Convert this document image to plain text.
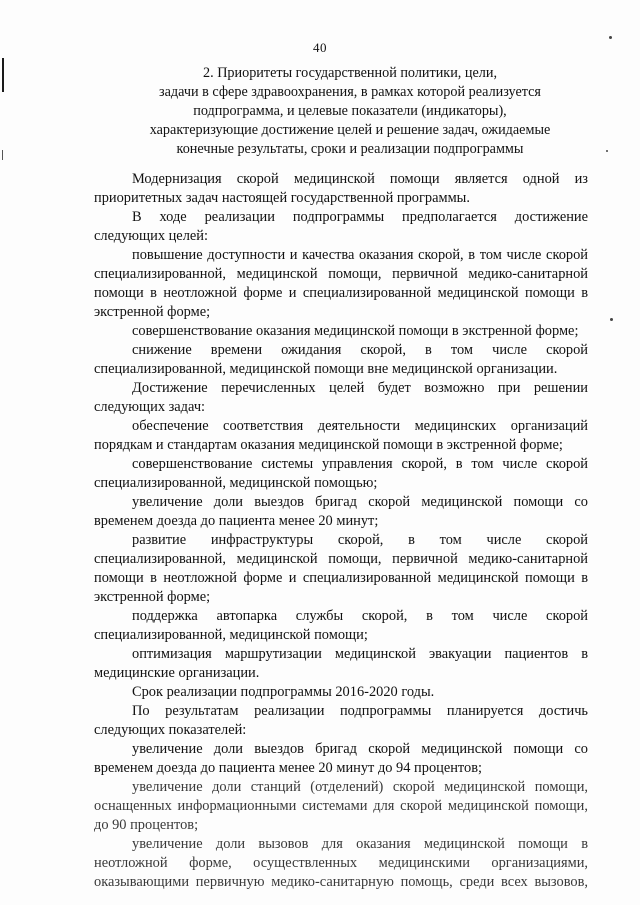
40
2. Приоритеты государственной политики, цели,
задачи в сфере здравоохранения, в рамках которой реализуется
подпрограмма, и целевые показатели (индикаторы),
характеризующие достижение целей и решение задач, ожидаемые
конечные результаты, сроки и реализации подпрограммы

Модернизация скорой медицинской помощи является одной из приоритетных задач настоящей государственной программы.

В ходе реализации подпрограммы предполагается достижение следующих целей:

повышение доступности и качества оказания скорой, в том числе скорой специализированной, медицинской помощи, первичной медико-санитарной помощи в неотложной форме и специализированной медицинской помощи в экстренной форме;

совершенствование оказания медицинской помощи в экстренной форме;

снижение времени ожидания скорой, в том числе скорой специализированной, медицинской помощи вне медицинской организации.

Достижение перечисленных целей будет возможно при решении следующих задач:

обеспечение соответствия деятельности медицинских организаций порядкам и стандартам оказания медицинской помощи в экстренной форме;

совершенствование системы управления скорой, в том числе скорой специализированной, медицинской помощью;

увеличение доли выездов бригад скорой медицинской помощи со временем доезда до пациента менее 20 минут;

развитие инфраструктуры скорой, в том числе скорой специализированной, медицинской помощи, первичной медико-санитарной помощи в неотложной форме и специализированной медицинской помощи в экстренной форме;

поддержка автопарка службы скорой, в том числе скорой специализированной, медицинской помощи;

оптимизация маршрутизации медицинской эвакуации пациентов в медицинские организации.

Срок реализации подпрограммы 2016-2020 годы.

По результатам реализации подпрограммы планируется достичь следующих показателей:

увеличение доли выездов бригад скорой медицинской помощи со временем доезда до пациента менее 20 минут до 94 процентов;

увеличение доли станций (отделений) скорой медицинской помощи, оснащенных информационными системами для скорой медицинской помощи, до 90 процентов;

увеличение доли вызовов для оказания медицинской помощи в неотложной форме, осуществленных медицинскими организациями, оказывающими первичную медико-санитарную помощь, среди всех вызовов,
